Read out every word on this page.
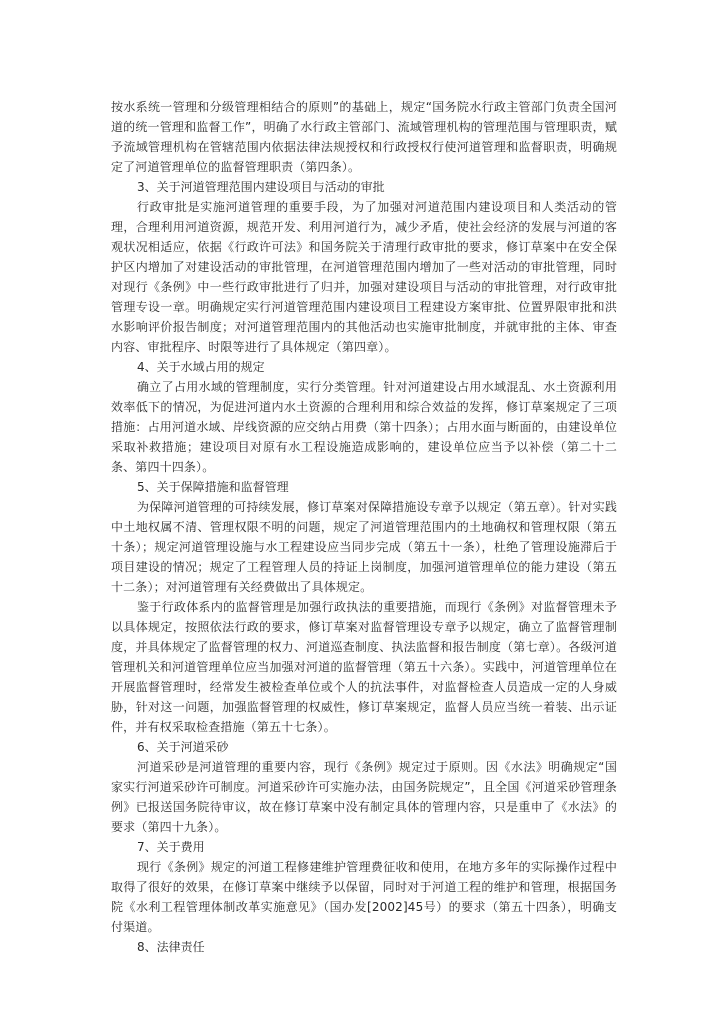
按水系统一管理和分级管理相结合的原则”的基础上，规定“国务院水行政主管部门负责全国河道的统一管理和监督工作”，明确了水行政主管部门、流域管理机构的管理范围与管理职责，赋予流域管理机构在管辖范围内依据法律法规授权和行政授权行使河道管理和监督职责，明确规定了河道管理单位的监督管理职责（第四条）。

3、关于河道管理范围内建设项目与活动的审批

行政审批是实施河道管理的重要手段，为了加强对河道范围内建设项目和人类活动的管理，合理利用河道资源，规范开发、利用河道行为，减少矛盾，使社会经济的发展与河道的客观状况相适应，依据《行政许可法》和国务院关于清理行政审批的要求，修订草案中在安全保护区内增加了对建设活动的审批管理，在河道管理范围内增加了一些对活动的审批管理，同时对现行《条例》中一些行政审批进行了归并，加强对建设项目与活动的审批管理，对行政审批管理专设一章。明确规定实行河道管理范围内建设项目工程建设方案审批、位置界限审批和洪水影响评价报告制度；对河道管理范围内的其他活动也实施审批制度，并就审批的主体、审查内容、审批程序、时限等进行了具体规定（第四章）。

4、关于水域占用的规定

确立了占用水域的管理制度，实行分类管理。针对河道建设占用水域混乱、水土资源利用效率低下的情况，为促进河道内水土资源的合理利用和综合效益的发挥，修订草案规定了三项措施：占用河道水域、岸线资源的应交纳占用费（第十四条）；占用水面与断面的，由建设单位采取补救措施；建设项目对原有水工程设施造成影响的，建设单位应当予以补偿（第二十二条、第四十四条）。

5、关于保障措施和监督管理

为保障河道管理的可持续发展，修订草案对保障措施设专章予以规定（第五章）。针对实践中土地权属不清、管理权限不明的问题，规定了河道管理范围内的土地确权和管理权限（第五十条）；规定河道管理设施与水工程建设应当同步完成（第五十一条），杜绝了管理设施滞后于项目建设的情况；规定了工程管理人员的持证上岗制度，加强河道管理单位的能力建设（第五十二条）；对河道管理有关经费做出了具体规定。

鉴于行政体系内的监督管理是加强行政执法的重要措施，而现行《条例》对监督管理未予以具体规定，按照依法行政的要求，修订草案对监督管理设专章予以规定，确立了监督管理制度，并具体规定了监督管理的权力、河道巡查制度、执法监督和报告制度（第七章）。各级河道管理机关和河道管理单位应当加强对河道的监督管理（第五十六条）。实践中，河道管理单位在开展监督管理时，经常发生被检查单位或个人的抗法事件，对监督检查人员造成一定的人身威胁，针对这一问题，加强监督管理的权威性，修订草案规定，监督人员应当统一着装、出示证件，并有权采取检查措施（第五十七条）。

6、关于河道采砂

河道采砂是河道管理的重要内容，现行《条例》规定过于原则。因《水法》明确规定“国家实行河道采砂许可制度。河道采砂许可实施办法，由国务院规定”，且全国《河道采砂管理条例》已报送国务院待审议，故在修订草案中没有制定具体的管理内容，只是重申了《水法》的要求（第四十九条）。

7、关于费用

现行《条例》规定的河道工程修建维护管理费征收和使用，在地方多年的实际操作过程中取得了很好的效果，在修订草案中继续予以保留，同时对于河道工程的维护和管理，根据国务院《水利工程管理体制改革实施意见》（国办发[2002]45号）的要求（第五十四条），明确支付渠道。

8、法律责任
